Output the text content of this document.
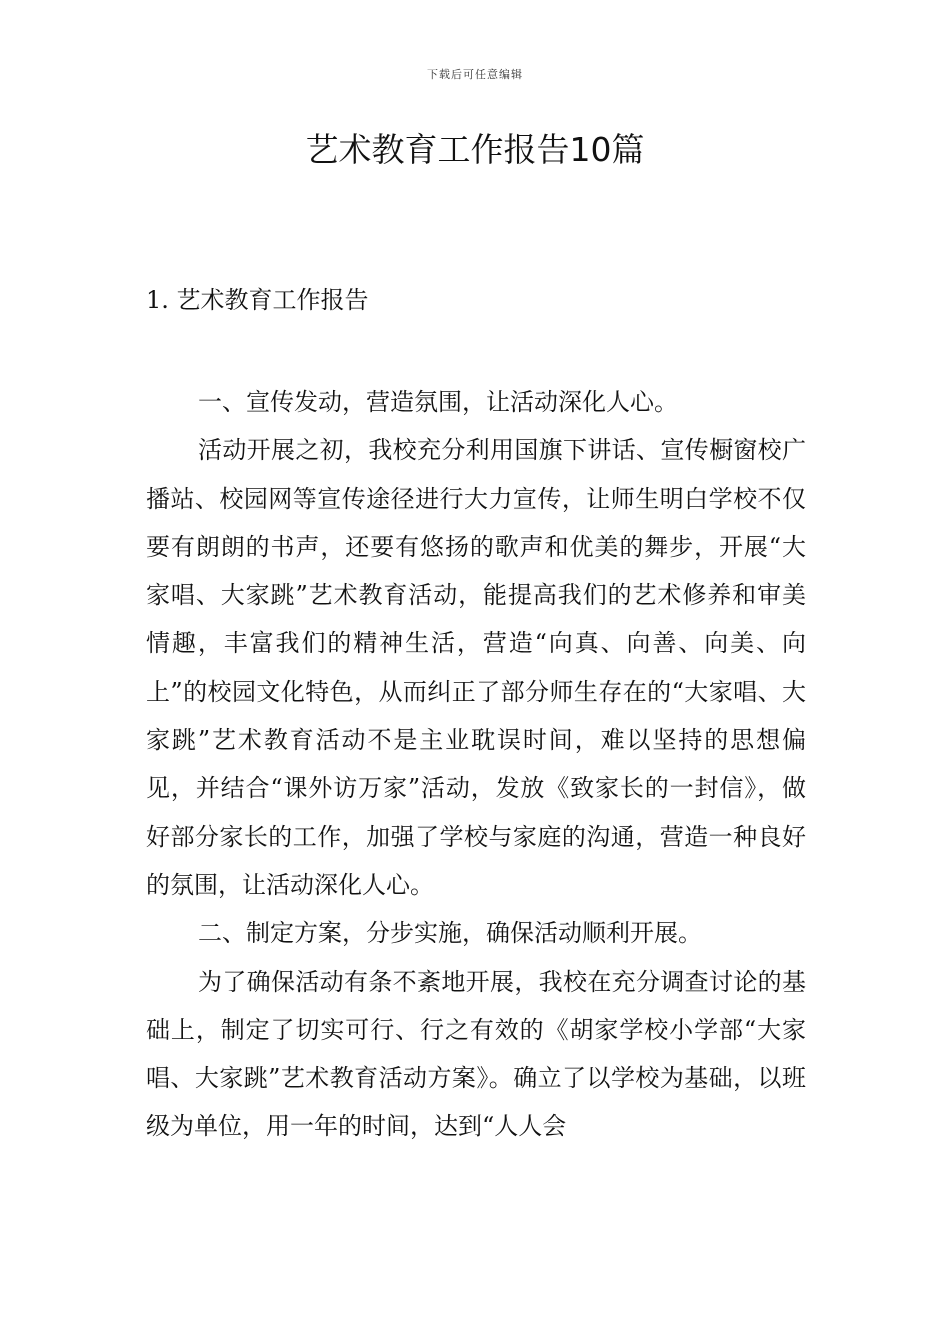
下载后可任意编辑
艺术教育工作报告10篇
1. 艺术教育工作报告

一、宣传发动，营造氛围，让活动深化人心。

活动开展之初，我校充分利用国旗下讲话、宣传橱窗校广播站、校园网等宣传途径进行大力宣传，让师生明白学校不仅要有朗朗的书声，还要有悠扬的歌声和优美的舞步，开展“大家唱、大家跳”艺术教育活动，能提高我们的艺术修养和审美情趣，丰富我们的精神生活，营造“向真、向善、向美、向上”的校园文化特色，从而纠正了部分师生存在的“大家唱、大家跳”艺术教育活动不是主业耽误时间，难以坚持的思想偏见，并结合“课外访万家”活动，发放《致家长的一封信》，做好部分家长的工作，加强了学校与家庭的沟通，营造一种良好的氛围，让活动深化人心。

二、制定方案，分步实施，确保活动顺利开展。

为了确保活动有条不紊地开展，我校在充分调查讨论的基础上，制定了切实可行、行之有效的《胡家学校小学部“大家唱、大家跳”艺术教育活动方案》。确立了以学校为基础，以班级为单位，用一年的时间，达到“人人会
